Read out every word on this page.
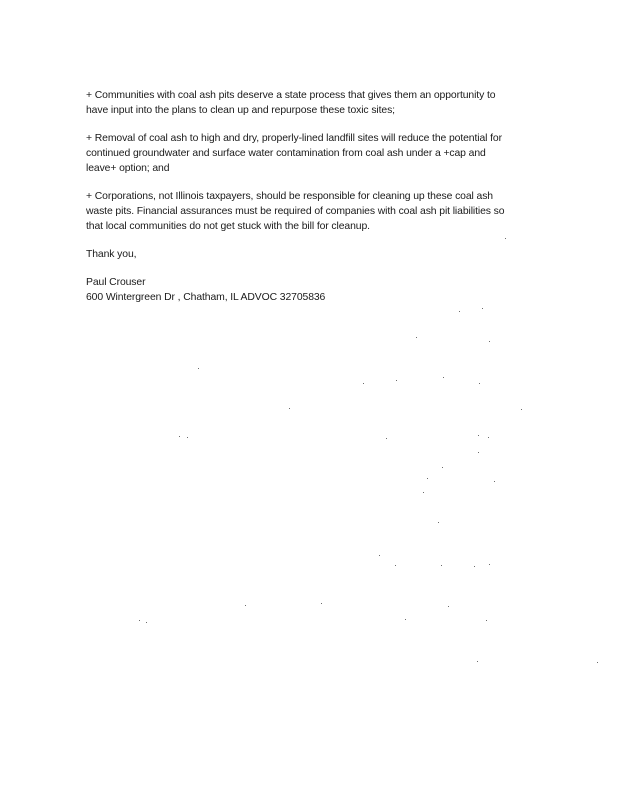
+ Communities with coal ash pits deserve a state process that gives them an opportunity to
have input into the plans to clean up and repurpose these toxic sites;
+ Removal of coal ash to high and dry, properly-lined landfill sites will reduce the potential for
continued groundwater and surface water contamination from coal ash under a +cap and
leave+ option; and
+ Corporations, not Illinois taxpayers, should be responsible for cleaning up these coal ash
waste pits. Financial assurances must be required of companies with coal ash pit liabilities so
that local communities do not get stuck with the bill for cleanup.
Thank you,
Paul Crouser
600 Wintergreen Dr , Chatham, IL ADVOC 32705836
